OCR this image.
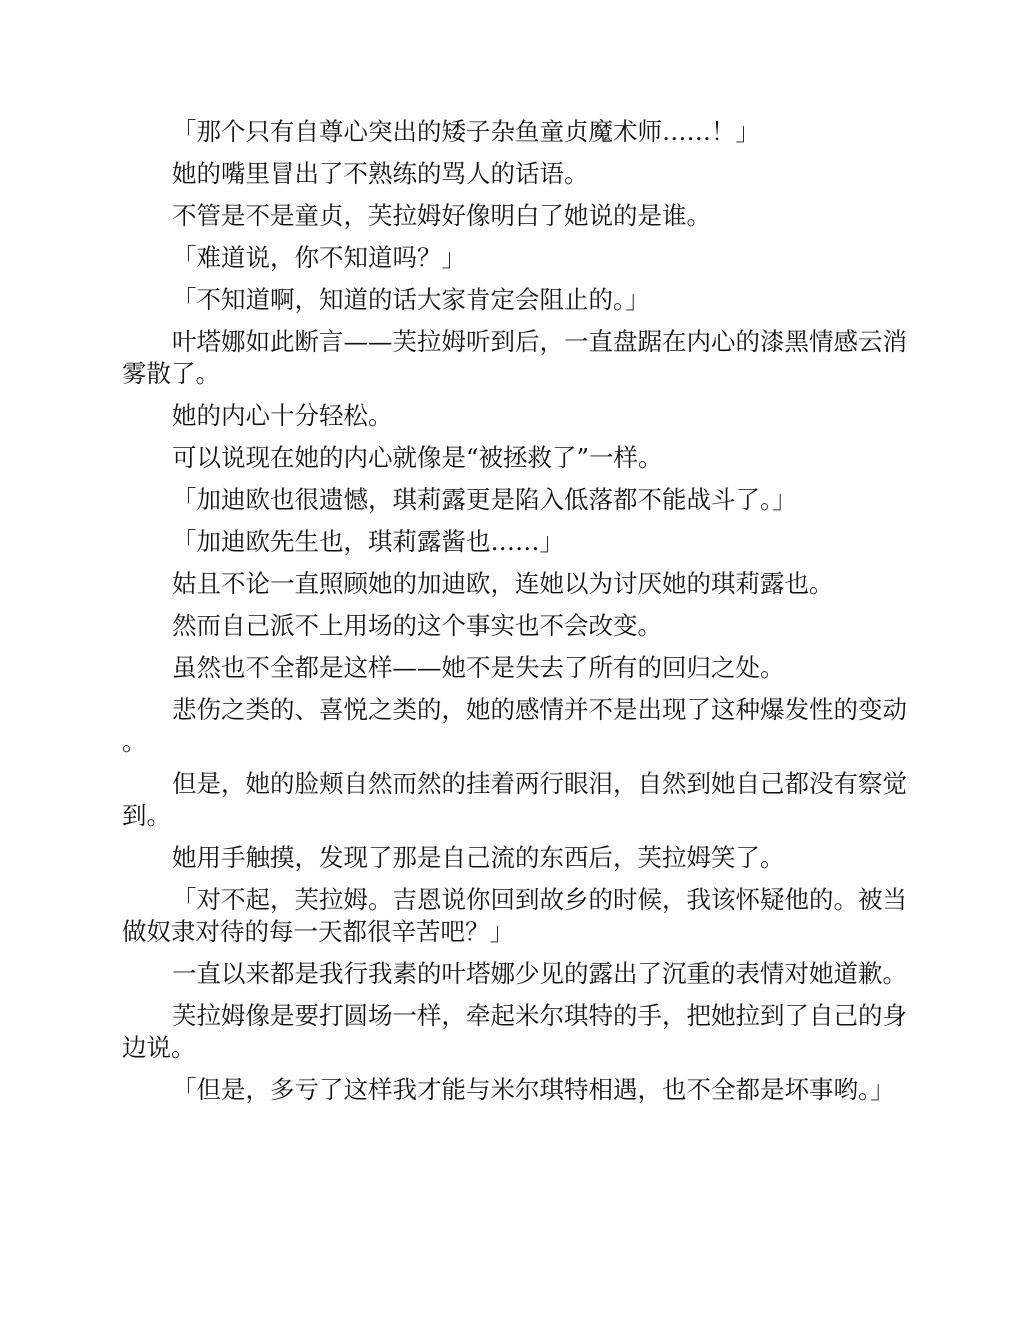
「那个只有自尊心突出的矮子杂鱼童贞魔术师……！」

她的嘴里冒出了不熟练的骂人的话语。

不管是不是童贞，芙拉姆好像明白了她说的是谁。

「难道说，你不知道吗？」

「不知道啊，知道的话大家肯定会阻止的。」

叶塔娜如此断言——芙拉姆听到后，一直盘踞在内心的漆黑情感云消雾散了。

她的内心十分轻松。

可以说现在她的内心就像是“被拯救了”一样。

「加迪欧也很遗憾，琪莉露更是陷入低落都不能战斗了。」

「加迪欧先生也，琪莉露酱也……」

姑且不论一直照顾她的加迪欧，连她以为讨厌她的琪莉露也。

然而自己派不上用场的这个事实也不会改变。

虽然也不全都是这样——她不是失去了所有的回归之处。

悲伤之类的、喜悦之类的，她的感情并不是出现了这种爆发性的变动。

但是，她的脸颊自然而然的挂着两行眼泪，自然到她自己都没有察觉到。

她用手触摸，发现了那是自己流的东西后，芙拉姆笑了。

「对不起，芙拉姆。吉恩说你回到故乡的时候，我该怀疑他的。被当做奴隶对待的每一天都很辛苦吧？」

一直以来都是我行我素的叶塔娜少见的露出了沉重的表情对她道歉。

芙拉姆像是要打圆场一样，牵起米尔琪特的手，把她拉到了自己的身边说。

「但是，多亏了这样我才能与米尔琪特相遇，也不全都是坏事哟。」
